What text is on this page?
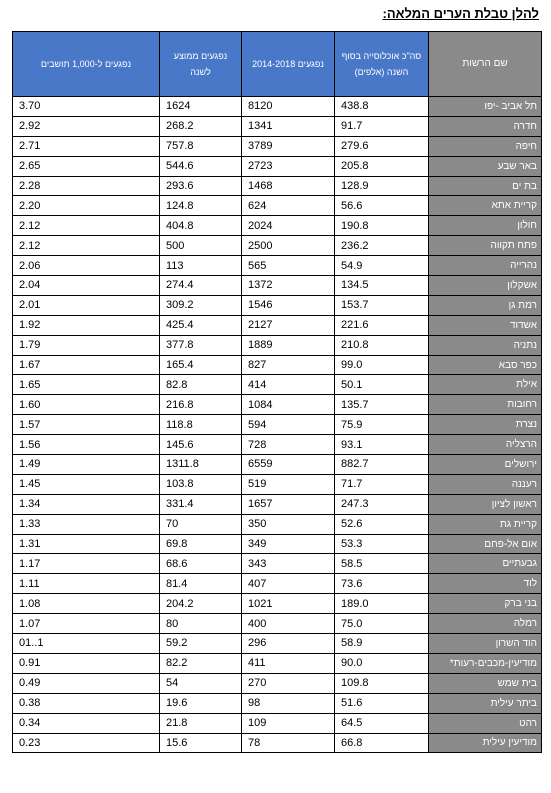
להלן טבלת הערים המלאה:
שם הרשות	סה"כ אוכלוסייה בסוף השנה (אלפים)	נפגעים 2014-2018	נפגעים ממוצע לשנה	נפגעים ל-1,000 תושבים
תל אביב -יפו	438.8	8120	1624	3.70
חדרה	91.7	1341	268.2	2.92
חיפה	279.6	3789	757.8	2.71
באר שבע	205.8	2723	544.6	2.65
בת ים	128.9	1468	293.6	2.28
קריית אתא	56.6	624	124.8	2.20
חולון	190.8	2024	404.8	2.12
פתח תקווה	236.2	2500	500	2.12
נהרייה	54.9	565	113	2.06
אשקלון	134.5	1372	274.4	2.04
רמת גן	153.7	1546	309.2	2.01
אשדוד	221.6	2127	425.4	1.92
נתניה	210.8	1889	377.8	1.79
כפר סבא	99.0	827	165.4	1.67
אילת	50.1	414	82.8	1.65
רחובות	135.7	1084	216.8	1.60
נצרת	75.9	594	118.8	1.57
הרצליה	93.1	728	145.6	1.56
ירושלים	882.7	6559	1311.8	1.49
רעננה	71.7	519	103.8	1.45
ראשון לציון	247.3	1657	331.4	1.34
קריית גת	52.6	350	70	1.33
אום אל-פחם	53.3	349	69.8	1.31
גבעתיים	58.5	343	68.6	1.17
לוד	73.6	407	81.4	1.11
בני ברק	189.0	1021	204.2	1.08
רמלה	75.0	400	80	1.07
הוד השרון	58.9	296	59.2	1..01
מודיעין-מכבים-רעות*	90.0	411	82.2	0.91
בית שמש	109.8	270	54	0.49
ביתר עילית	51.6	98	19.6	0.38
רהט	64.5	109	21.8	0.34
מודיעין עילית	66.8	78	15.6	0.23
